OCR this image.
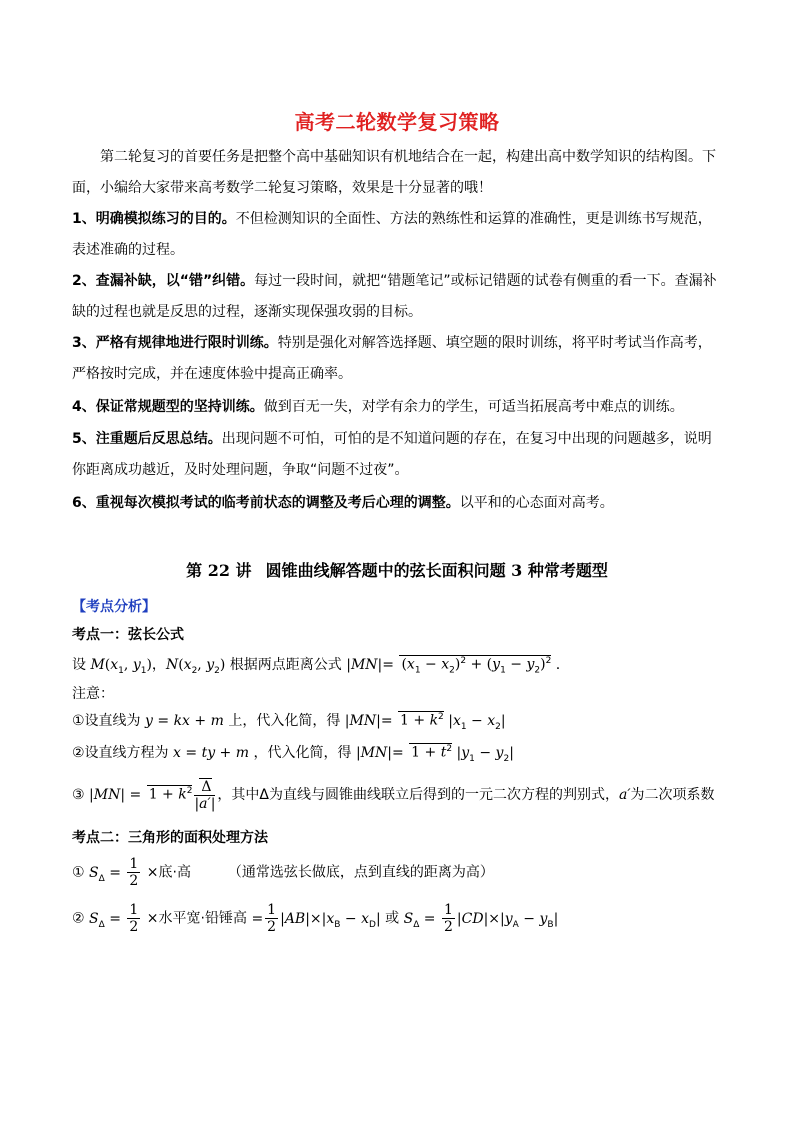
高考二轮数学复习策略
第二轮复习的首要任务是把整个高中基础知识有机地结合在一起，构建出高中数学知识的结构图。下面，小编给大家带来高考数学二轮复习策略，效果是十分显著的哦！
1、明确模拟练习的目的。不但检测知识的全面性、方法的熟练性和运算的准确性，更是训练书写规范，表述准确的过程。
2、查漏补缺，以“错”纠错。每过一段时间，就把“错题笔记”或标记错题的试卷有侧重的看一下。查漏补缺的过程也就是反思的过程，逐渐实现保强攻弱的目标。
3、严格有规律地进行限时训练。特别是强化对解答选择题、填空题的限时训练，将平时考试当作高考，严格按时完成，并在速度体验中提高正确率。
4、保证常规题型的坚持训练。做到百无一失，对学有余力的学生，可适当拓展高考中难点的训练。
5、注重题后反思总结。出现问题不可怕，可怕的是不知道问题的存在，在复习中出现的问题越多，说明你距离成功越近，及时处理问题，争取“问题不过夜”。
6、重视每次模拟考试的临考前状态的调整及考后心理的调整。以平和的心态面对高考。
第 22 讲 圆锥曲线解答题中的弦长面积问题 3 种常考题型
【考点分析】
考点一：弦长公式
设 $M(x_1$, $y_1$)，$N(x_2$, $y_2$) 根据两点距离公式 $|MN|= (x_1 - x_2)^2 + (y_1 - y_2)^2$ .
注意：
①设直线为 y = kx + m 上，代入化简，得 $|MN|= 1 + k^2$ $|x_1 - x_2|$
②设直线方程为 x = ty + m ，代入化简，得 $|MN|= 1 + t^2$ $|y_1 - y_2|$
③ $|MN| = 1 + k^2 \frac{\Delta}{|a'|}$ ，其中Δ为直线与圆锥曲线联立后得到的一元二次方程的判别式，a′为二次项系数
考点二：三角形的面积处理方法
① $S_\Delta = \frac{1}{2}$ ×底·高	（通常选弦长做底，点到直线的距离为高）
② $S_\Delta = \frac{1}{2}$ ×水平宽·铅锤高 = $\frac{1}{2} |AB|\times|x_B - x_D|$ 或 $S_\Delta = \frac{1}{2} |CD|\times|y_A - y_B|$
